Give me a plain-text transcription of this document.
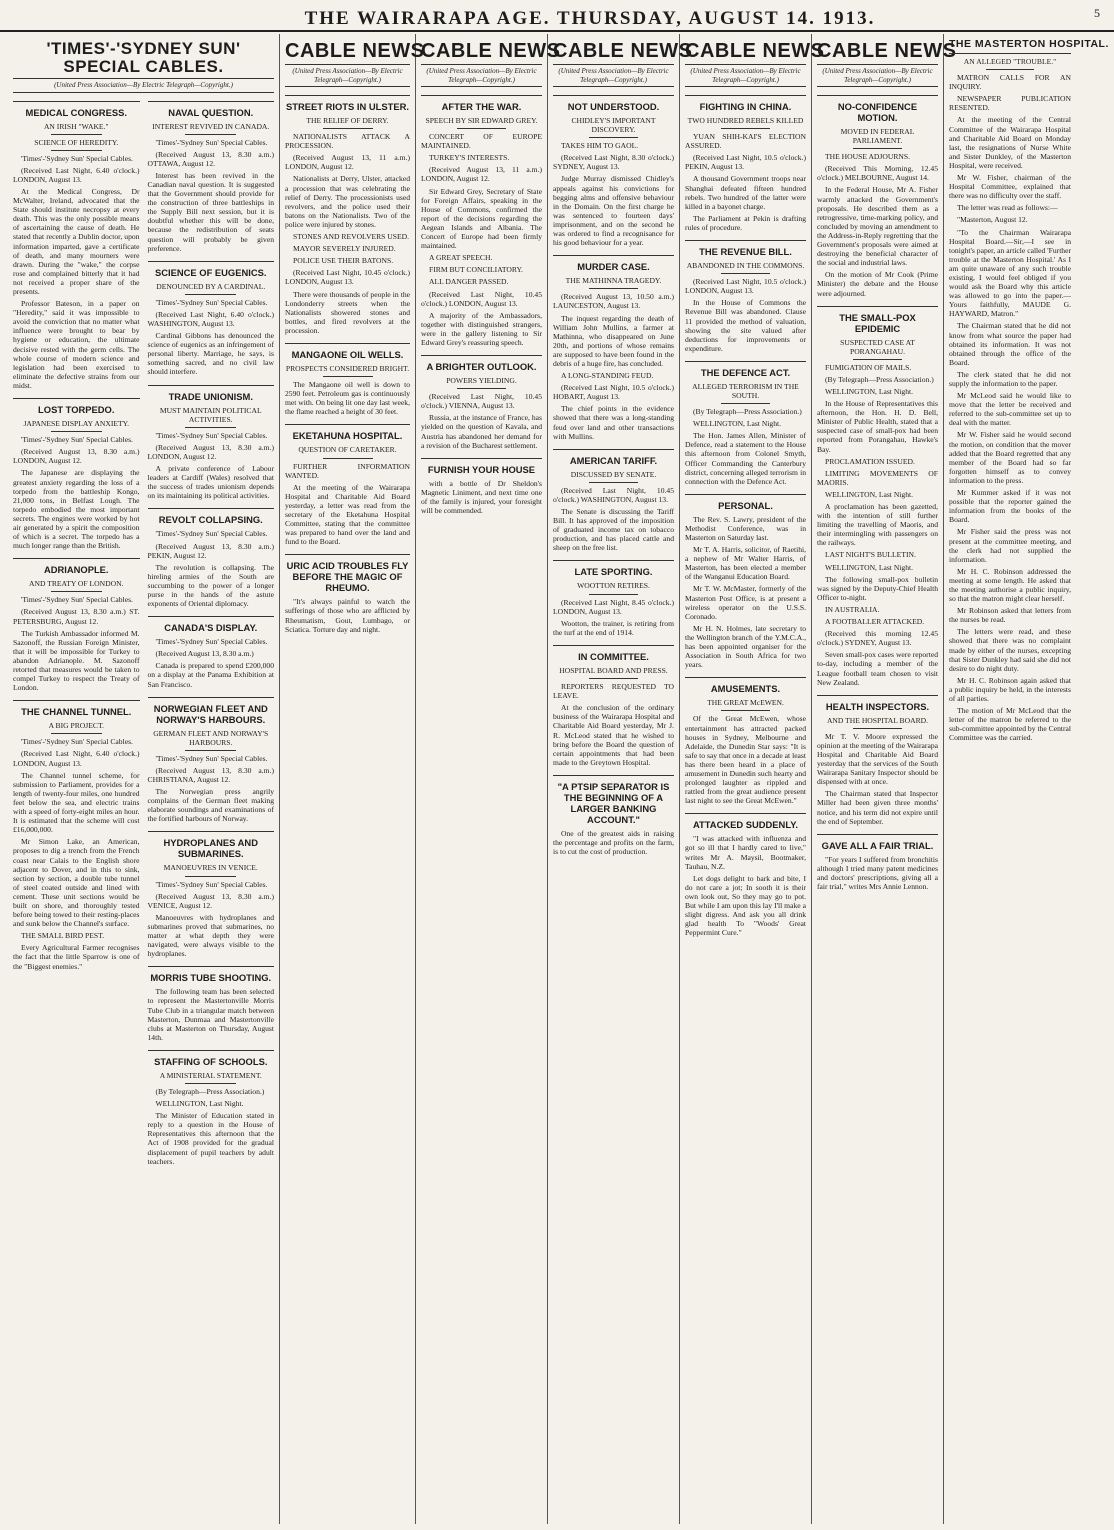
THE WAIRARAPA AGE. THURSDAY, AUGUST 14. 1913.	5
'TIMES'-'SYDNEY SUN' SPECIAL CABLES.
(United Press Association—By Electric Telegraph—Copyright.)
MEDICAL CONGRESS.
AN IRISH "WAKE."
SCIENCE OF HEREDITY.

'Times'-'Sydney Sun' Special Cables.

(Received Last Night, 6.40 o'clock.) LONDON, August 13.

At the Medical Congress, Dr McWalter, Ireland, advocated that the State should institute necropsy at every death. This was the only possible means of ascertaining the cause of death. He stated that recently a Dublin doctor, upon information imparted, gave a certificate of death, and many mourners were drawn. During the "wake," the corpse rose and complained bitterly that it had not received a proper share of the presents.

Professor Bateson, in a paper on "Heredity," said it was impossible to avoid the conviction that no matter what influence were brought to bear by hygiene or education, the ultimate decisive rested with the germ cells. The whole course of modern science and legislation had been exercised to eliminate the defective strains from our midst.

LOST TORPEDO.
JAPANESE DISPLAY ANXIETY.

'Times'-'Sydney Sun' Special Cables.

(Received August 13, 8.30 a.m.) LONDON, August 12.

The Japanese are displaying the greatest anxiety regarding the loss of a torpedo from the battleship Kongo, 21,000 tons, in Belfast Lough. The torpedo embodied the most important secrets. The engines were worked by hot air generated by a spirit the composition of which is a secret. The torpedo has a much longer range than the British.

ADRIANOPLE.
AND TREATY OF LONDON.

'Times'-'Sydney Sun' Special Cables.

(Received August 13, 8.30 a.m.) ST. PETERSBURG, August 12.

The Turkish Ambassador informed M. Sazonoff, the Russian Foreign Minister, that it will be impossible for Turkey to abandon Adrianople. M. Sazonoff retorted that measures would be taken to compel Turkey to respect the Treaty of London.

THE CHANNEL TUNNEL.
A BIG PROJECT.

'Times'-'Sydney Sun' Special Cables.

(Received Last Night, 6.40 o'clock.) LONDON, August 13.

The Channel tunnel scheme, for submission to Parliament, provides for a length of twenty-four miles, one hundred feet below the sea, and electric trains with a speed of forty-eight miles an hour. It is estimated that the scheme will cost £16,000,000.

Mr Simon Lake, an American, proposes to dig a trench from the French coast near Calais to the English shore adjacent to Dover, and in this to sink, section by section, a double tube tunnel of steel coated outside and lined with cement. These unit sections would be built on shore, and thoroughly tested before being towed to their resting-places and sunk below the Channel's surface.

THE SMALL BIRD PEST.

Every Agricultural Farmer recognises the fact that the little Sparrow is one of the "Biggest enemies."

NAVAL QUESTION.
INTEREST REVIVED IN CANADA.

'Times'-'Sydney Sun' Special Cables.

(Received August 13, 8.30 a.m.) OTTAWA, August 12.

Interest has been revived in the Canadian naval question. It is suggested that the Government should provide for the construction of three battleships in the Supply Bill next session, but it is doubtful whether this will be done, because the redistribution of seats question will probably be given preference.

SCIENCE OF EUGENICS.
DENOUNCED BY A CARDINAL.

'Times'-'Sydney Sun' Special Cables.

(Received Last Night, 6.40 o'clock.) WASHINGTON, August 13.

Cardinal Gibbons has denounced the science of eugenics as an infringement of personal liberty. Marriage, he says, is something sacred, and no civil law should interfere.

TRADE UNIONISM.
MUST MAINTAIN POLITICAL ACTIVITIES.

'Times'-'Sydney Sun' Special Cables.

(Received August 13, 8.30 a.m.) LONDON, August 12.

A private conference of Labour leaders at Cardiff (Wales) resolved that the success of trades unionism depends on its maintaining its political activities.

REVOLT COLLAPSING.

'Times'-'Sydney Sun' Special Cables.

(Received August 13, 8.30 a.m.) PEKIN, August 12.

The revolution is collapsing. The hireling armies of the South are succumbing to the power of a longer purse in the hands of the astute exponents of Oriental diplomacy.

CANADA'S DISPLAY.

'Times'-'Sydney Sun' Special Cables.

(Received August 13, 8.30 a.m.)

Canada is prepared to spend £200,000 on a display at the Panama Exhibition at San Francisco.

NORWEGIAN FLEET AND NORWAY'S HARBOURS.
GERMAN FLEET AND NORWAY'S HARBOURS.

'Times'-'Sydney Sun' Special Cables.

(Received August 13, 8.30 a.m.) CHRISTIANA, August 12.

The Norwegian press angrily complains of the German fleet making elaborate soundings and examinations of the fortified harbours of Norway.

HYDROPLANES AND SUBMARINES.
MANOEUVRES IN VENICE.

'Times'-'Sydney Sun' Special Cables.

(Received August 13, 8.30 a.m.) VENICE, August 12.

Manoeuvres with hydroplanes and submarines proved that submarines, no matter at what depth they were navigated, were always visible to the hydroplanes.

MORRIS TUBE SHOOTING.

The following team has been selected to represent the Mastertonville Morris Tube Club in a triangular match between Masterton, Dunmaa and Mastertonville clubs at Masterton on Thursday, August 14th.

STAFFING OF SCHOOLS.
A MINISTERIAL STATEMENT.

(By Telegraph—Press Association.)

WELLINGTON, Last Night.

The Minister of Education stated in reply to a question in the House of Representatives this afternoon that the Act of 1908 provided for the gradual displacement of pupil teachers by adult teachers.

CABLE NEWS
(United Press Association—By Electric Telegraph—Copyright.)
STREET RIOTS IN ULSTER.
THE RELIEF OF DERRY.

NATIONALISTS ATTACK A PROCESSION.

(Received August 13, 11 a.m.) LONDON, August 12.

Nationalists at Derry, Ulster, attacked a procession that was celebrating the relief of Derry. The processionists used revolvers, and the police used their batons on the Nationalists. Two of the police were injured by stones.

STONES AND REVOLVERS USED.

MAYOR SEVERELY INJURED.

POLICE USE THEIR BATONS.

(Received Last Night, 10.45 o'clock.) LONDON, August 13.

There were thousands of people in the Londonderry streets when the Nationalists showered stones and bottles, and fired revolvers at the procession.

MANGAONE OIL WELLS.
PROSPECTS CONSIDERED BRIGHT.

The Mangaone oil well is down to 2590 feet. Petroleum gas is continuously met with. On being lit one day last week, the flame reached a height of 30 feet.

EKETAHUNA HOSPITAL.
QUESTION OF CARETAKER.

FURTHER INFORMATION WANTED.

At the meeting of the Wairarapa Hospital and Charitable Aid Board yesterday, a letter was read from the secretary of the Eketahuna Hospital Committee, stating that the committee was prepared to hand over the land and fund to the Board.

URIC ACID TROUBLES FLY BEFORE THE MAGIC OF RHEUMO.

"It's always painful to watch the sufferings of those who are afflicted by Rheumatism, Gout, Lumbago, or Sciatica. Torture day and night.

CABLE NEWS
(United Press Association—By Electric Telegraph—Copyright.)
AFTER THE WAR.
SPEECH BY SIR EDWARD GREY.

CONCERT OF EUROPE MAINTAINED.

TURKEY'S INTERESTS.

(Received August 13, 11 a.m.) LONDON, August 12.

Sir Edward Grey, Secretary of State for Foreign Affairs, speaking in the House of Commons, confirmed the report of the decisions regarding the Aegean Islands and Albania. The Concert of Europe had been firmly maintained.

A GREAT SPEECH.

FIRM BUT CONCILIATORY.

ALL DANGER PASSED.

(Received Last Night, 10.45 o'clock.) LONDON, August 13.

A majority of the Ambassadors, together with distinguished strangers, were in the gallery listening to Sir Edward Grey's reassuring speech.

A BRIGHTER OUTLOOK.
POWERS YIELDING.

(Received Last Night, 10.45 o'clock.) VIENNA, August 13.

Russia, at the instance of France, has yielded on the question of Kavala, and Austria has abandoned her demand for a revision of the Bucharest settlement.

FURNISH YOUR HOUSE

with a bottle of Dr Sheldon's Magnetic Liniment, and next time one of the family is injured, your foresight will be commended.

CABLE NEWS
(United Press Association—By Electric Telegraph—Copyright.)
NOT UNDERSTOOD.
CHIDLEY'S IMPORTANT DISCOVERY.

TAKES HIM TO GAOL.

(Received Last Night, 8.30 o'clock.) SYDNEY, August 13.

Judge Murray dismissed Chidley's appeals against his convictions for begging alms and offensive behaviour in the Domain. On the first charge he was sentenced to fourteen days' imprisonment, and on the second he was ordered to find a recognisance for his good behaviour for a year.

MURDER CASE.
THE MATHINNA TRAGEDY.

(Received August 13, 10.50 a.m.) LAUNCESTON, August 13.

The inquest regarding the death of William John Mullins, a farmer at Mathinna, who disappeared on June 20th, and portions of whose remains are supposed to have been found in the debris of a huge fire, has concluded.

A LONG-STANDING FEUD.

(Received Last Night, 10.5 o'clock.) HOBART, August 13.

The chief points in the evidence showed that there was a long-standing feud over land and other transactions with Mullins.

AMERICAN TARIFF.
DISCUSSED BY SENATE.

(Received Last Night, 10.45 o'clock.) WASHINGTON, August 13.

The Senate is discussing the Tariff Bill. It has approved of the imposition of graduated income tax on tobacco production, and has placed cattle and sheep on the free list.

LATE SPORTING.
WOOTTON RETIRES.

(Received Last Night, 8.45 o'clock.) LONDON, August 13.

Wootton, the trainer, is retiring from the turf at the end of 1914.

IN COMMITTEE.
HOSPITAL BOARD AND PRESS.

REPORTERS REQUESTED TO LEAVE.

At the conclusion of the ordinary business of the Wairarapa Hospital and Charitable Aid Board yesterday, Mr J. R. McLeod stated that he wished to bring before the Board the question of certain appointments that had been made to the Greytown Hospital.

"A PTSIP SEPARATOR IS THE BEGINNING OF A LARGER BANKING ACCOUNT."

One of the greatest aids in raising the percentage and profits on the farm, is to cut the cost of production.

CABLE NEWS
(United Press Association—By Electric Telegraph—Copyright.)
FIGHTING IN CHINA.
TWO HUNDRED REBELS KILLED

YUAN SHIH-KAI'S ELECTION ASSURED.

(Received Last Night, 10.5 o'clock.) PEKIN, August 13.

A thousand Government troops near Shanghai defeated fifteen hundred rebels. Two hundred of the latter were killed in a bayonet charge.

The Parliament at Pekin is drafting rules of procedure.

THE REVENUE BILL.
ABANDONED IN THE COMMONS.

(Received Last Night, 10.5 o'clock.) LONDON, August 13.

In the House of Commons the Revenue Bill was abandoned. Clause 11 provided the method of valuation, showing the site valued after deductions for improvements or expenditure.

THE DEFENCE ACT.
ALLEGED TERRORISM IN THE SOUTH.

(By Telegraph—Press Association.)

WELLINGTON, Last Night.

The Hon. James Allen, Minister of Defence, read a statement to the House this afternoon from Colonel Smyth, Officer Commanding the Canterbury district, concerning alleged terrorism in connection with the Defence Act.

PERSONAL.

The Rev. S. Lawry, president of the Methodist Conference, was in Masterton on Saturday last.

Mr T. A. Harris, solicitor, of Raetihi, a nephew of Mr Walter Harris, of Masterton, has been elected a member of the Wanganui Education Board.

Mr T. W. McMaster, formerly of the Masterton Post Office, is at present a wireless operator on the U.S.S. Coronado.

Mr H. N. Holmes, late secretary to the Wellington branch of the Y.M.C.A., has been appointed organiser for the Association in South Africa for two years.

AMUSEMENTS.
THE GREAT McEWEN.

Of the Great McEwen, whose entertainment has attracted packed houses in Sydney, Melbourne and Adelaide, the Dunedin Star says: "It is safe to say that once in a decade at least has there been heard in a place of amusement in Dunedin such hearty and prolonged laughter as rippled and rattled from the great audience present last night to see the Great McEwen."

ATTACKED SUDDENLY.

"I was attacked with influenza and got so ill that I hardly cared to live," writes Mr A. Maysil, Bootmaker, Tauhau, N.Z.

Let dogs delight to bark and bite, I do not care a jot; In sooth it is their own look out, So they may go to pot. But while I am upon this lay I'll make a slight digress. And ask you all drink glad health To "Woods' Great Peppermint Cure."

CABLE NEWS
(United Press Association—By Electric Telegraph—Copyright.)
NO-CONFIDENCE MOTION.
MOVED IN FEDERAL PARLIAMENT.

THE HOUSE ADJOURNS.

(Received This Morning, 12.45 o'clock.) MELBOURNE, August 14.

In the Federal House, Mr A. Fisher warmly attacked the Government's proposals. He described them as a retrogressive, time-marking policy, and concluded by moving an amendment to the Address-in-Reply regretting that the Government's proposals were aimed at destroying the beneficial character of the social and industrial laws.

On the motion of Mr Cook (Prime Minister) the debate and the House were adjourned.

THE SMALL-POX EPIDEMIC
SUSPECTED CASE AT PORANGAHAU.

FUMIGATION OF MAILS.

(By Telegraph—Press Association.)

WELLINGTON, Last Night.

In the House of Representatives this afternoon, the Hon. H. D. Bell, Minister of Public Health, stated that a suspected case of small-pox had been reported from Porangahau, Hawke's Bay.

PROCLAMATION ISSUED.

LIMITING MOVEMENTS OF MAORIS.

WELLINGTON, Last Night.

A proclamation has been gazetted, with the intention of still further limiting the travelling of Maoris, and their intermingling with passengers on the railways.

LAST NIGHT'S BULLETIN.

WELLINGTON, Last Night.

The following small-pox bulletin was signed by the Deputy-Chief Health Officer to-night.

IN AUSTRALIA.

A FOOTBALLER ATTACKED.

(Received this morning 12.45 o'clock.) SYDNEY, August 13.

Seven small-pox cases were reported to-day, including a member of the League football team chosen to visit New Zealand.

HEALTH INSPECTORS.
AND THE HOSPITAL BOARD.

Mr T. V. Moore expressed the opinion at the meeting of the Wairarapa Hospital and Charitable Aid Board yesterday that the services of the South Wairarapa Sanitary Inspector should be dispensed with at once.

The Chairman stated that Inspector Miller had been given three months' notice, and his term did not expire until the end of September.

GAVE ALL A FAIR TRIAL.

"For years I suffered from bronchitis although I tried many patent medicines and doctors' prescriptions, giving all a fair trial," writes Mrs Annie Lennon.

THE MASTERTON HOSPITAL.
AN ALLEGED "TROUBLE."

MATRON CALLS FOR AN INQUIRY.

NEWSPAPER PUBLICATION RESENTED.

At the meeting of the Central Committee of the Wairarapa Hospital and Charitable Aid Board on Monday last, the resignations of Nurse White and Sister Dunkley, of the Masterton Hospital, were received.

Mr W. Fisher, chairman of the Hospital Committee, explained that there was no difficulty over the staff.

The letter was read as follows:—

"Masterton, August 12.

"To the Chairman Wairarapa Hospital Board.—Sir,—I see in tonight's paper, an article called 'Further trouble at the Masterton Hospital.' As I am quite unaware of any such trouble existing, I would feel obliged if you would ask the Board why this article was allowed to go into the paper.—Yours faithfully, MAUDE G. HAYWARD, Matron."

The Chairman stated that he did not know from what source the paper had obtained its information. It was not obtained through the office of the Board.

The clerk stated that he did not supply the information to the paper.

Mr McLeod said he would like to move that the letter be received and referred to the sub-committee set up to deal with the matter.

Mr W. Fisher said he would second the motion, on condition that the mover added that the Board regretted that any member of the Board had so far forgotten himself as to convey information to the press.

Mr Kummer asked if it was not possible that the reporter gained the information from the books of the Board.

Mr Fisher said the press was not present at the committee meeting, and the clerk had not supplied the information.

Mr H. C. Robinson addressed the meeting at some length. He asked that the meeting authorise a public inquiry, so that the matron might clear herself.

Mr Robinson asked that letters from the nurses be read.

The letters were read, and these showed that there was no complaint made by either of the nurses, excepting that Sister Dunkley had said she did not desire to do night duty.

Mr H. C. Robinson again asked that a public inquiry be held, in the interests of all parties.

The motion of Mr McLeod that the letter of the matron be referred to the sub-committee appointed by the Central Committee was the carried.
